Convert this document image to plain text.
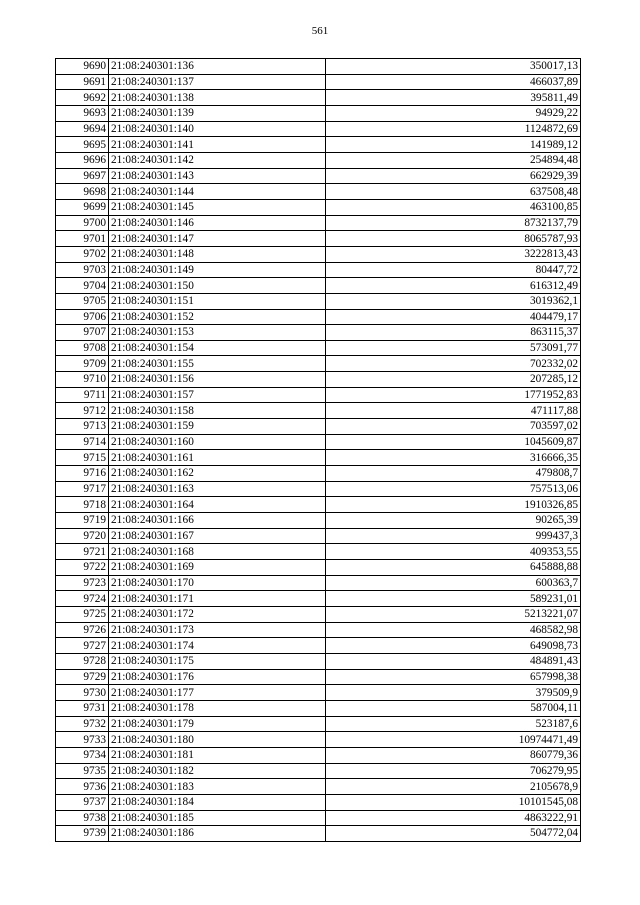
561
9690	21:08:240301:136	350017,13
9691	21:08:240301:137	466037,89
9692	21:08:240301:138	395811,49
9693	21:08:240301:139	94929,22
9694	21:08:240301:140	1124872,69
9695	21:08:240301:141	141989,12
9696	21:08:240301:142	254894,48
9697	21:08:240301:143	662929,39
9698	21:08:240301:144	637508,48
9699	21:08:240301:145	463100,85
9700	21:08:240301:146	8732137,79
9701	21:08:240301:147	8065787,93
9702	21:08:240301:148	3222813,43
9703	21:08:240301:149	80447,72
9704	21:08:240301:150	616312,49
9705	21:08:240301:151	3019362,1
9706	21:08:240301:152	404479,17
9707	21:08:240301:153	863115,37
9708	21:08:240301:154	573091,77
9709	21:08:240301:155	702332,02
9710	21:08:240301:156	207285,12
9711	21:08:240301:157	1771952,83
9712	21:08:240301:158	471117,88
9713	21:08:240301:159	703597,02
9714	21:08:240301:160	1045609,87
9715	21:08:240301:161	316666,35
9716	21:08:240301:162	479808,7
9717	21:08:240301:163	757513,06
9718	21:08:240301:164	1910326,85
9719	21:08:240301:166	90265,39
9720	21:08:240301:167	999437,3
9721	21:08:240301:168	409353,55
9722	21:08:240301:169	645888,88
9723	21:08:240301:170	600363,7
9724	21:08:240301:171	589231,01
9725	21:08:240301:172	5213221,07
9726	21:08:240301:173	468582,98
9727	21:08:240301:174	649098,73
9728	21:08:240301:175	484891,43
9729	21:08:240301:176	657998,38
9730	21:08:240301:177	379509,9
9731	21:08:240301:178	587004,11
9732	21:08:240301:179	523187,6
9733	21:08:240301:180	10974471,49
9734	21:08:240301:181	860779,36
9735	21:08:240301:182	706279,95
9736	21:08:240301:183	2105678,9
9737	21:08:240301:184	10101545,08
9738	21:08:240301:185	4863222,91
9739	21:08:240301:186	504772,04
